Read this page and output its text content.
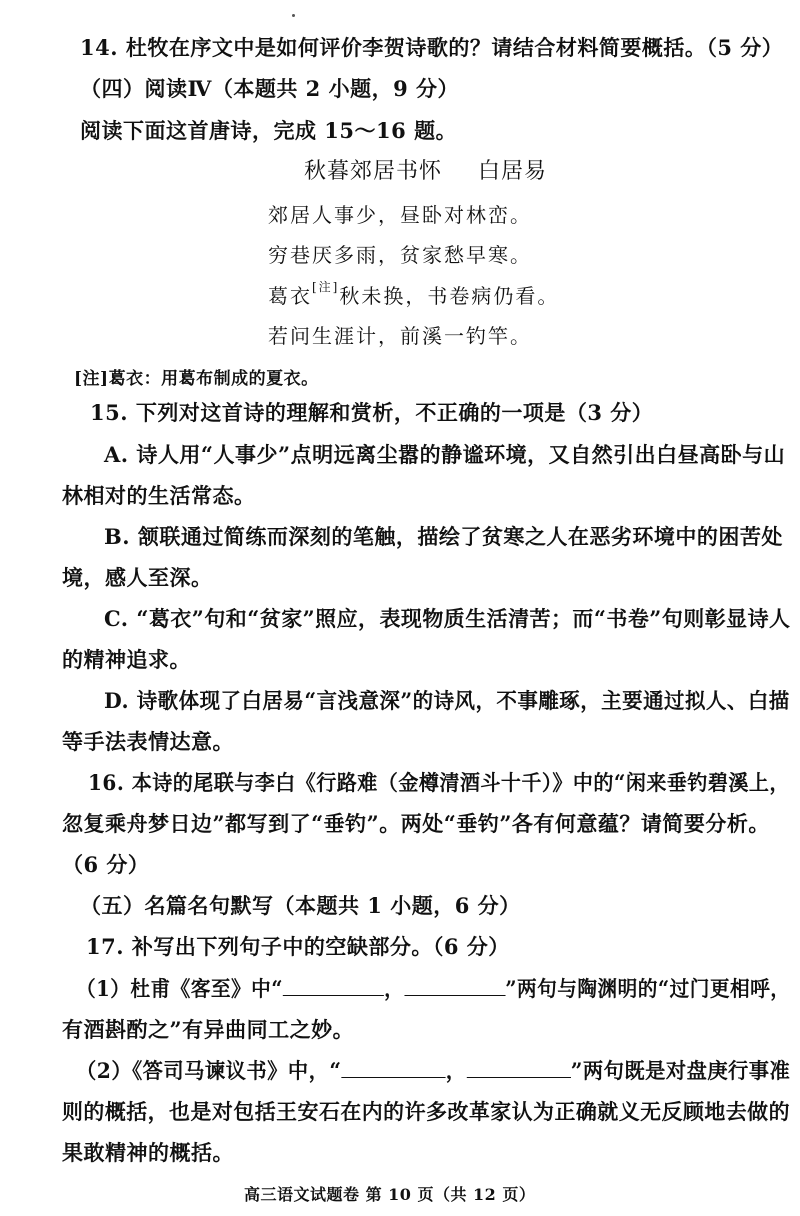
14. 杜牧在序文中是如何评价李贺诗歌的？请结合材料简要概括。（5 分）
（四）阅读Ⅳ（本题共 2 小题，9 分）
阅读下面这首唐诗，完成 15～16 题。
秋暮郊居书怀 白居易
郊居人事少，昼卧对林峦。
穷巷厌多雨，贫家愁早寒。
葛衣[注]秋未换，书卷病仍看。
若问生涯计，前溪一钓竿。
[注]葛衣：用葛布制成的夏衣。
15. 下列对这首诗的理解和赏析，不正确的一项是（3 分）
A. 诗人用“人事少”点明远离尘嚣的静谧环境，又自然引出白昼高卧与山
林相对的生活常态。
B. 颔联通过简练而深刻的笔触，描绘了贫寒之人在恶劣环境中的困苦处
境，感人至深。
C. “葛衣”句和“贫家”照应，表现物质生活清苦；而“书卷”句则彰显诗人
的精神追求。
D. 诗歌体现了白居易“言浅意深”的诗风，不事雕琢，主要通过拟人、白描
等手法表情达意。
16. 本诗的尾联与李白《行路难（金樽清酒斗十千）》中的“闲来垂钓碧溪上，
忽复乘舟梦日边”都写到了“垂钓”。两处“垂钓”各有何意蕴？请简要分析。
（6 分）
（五）名篇名句默写（本题共 1 小题，6 分）
17. 补写出下列句子中的空缺部分。（6 分）
（1）杜甫《客至》中“	，	”两句与陶渊明的“过门更相呼，
有酒斟酌之”有异曲同工之妙。
（2）《答司马谏议书》中，“	，	”两句既是对盘庚行事准
则的概括，也是对包括王安石在内的许多改革家认为正确就义无反顾地去做的
果敢精神的概括。
高三语文试题卷 第 10 页（共 12 页）
